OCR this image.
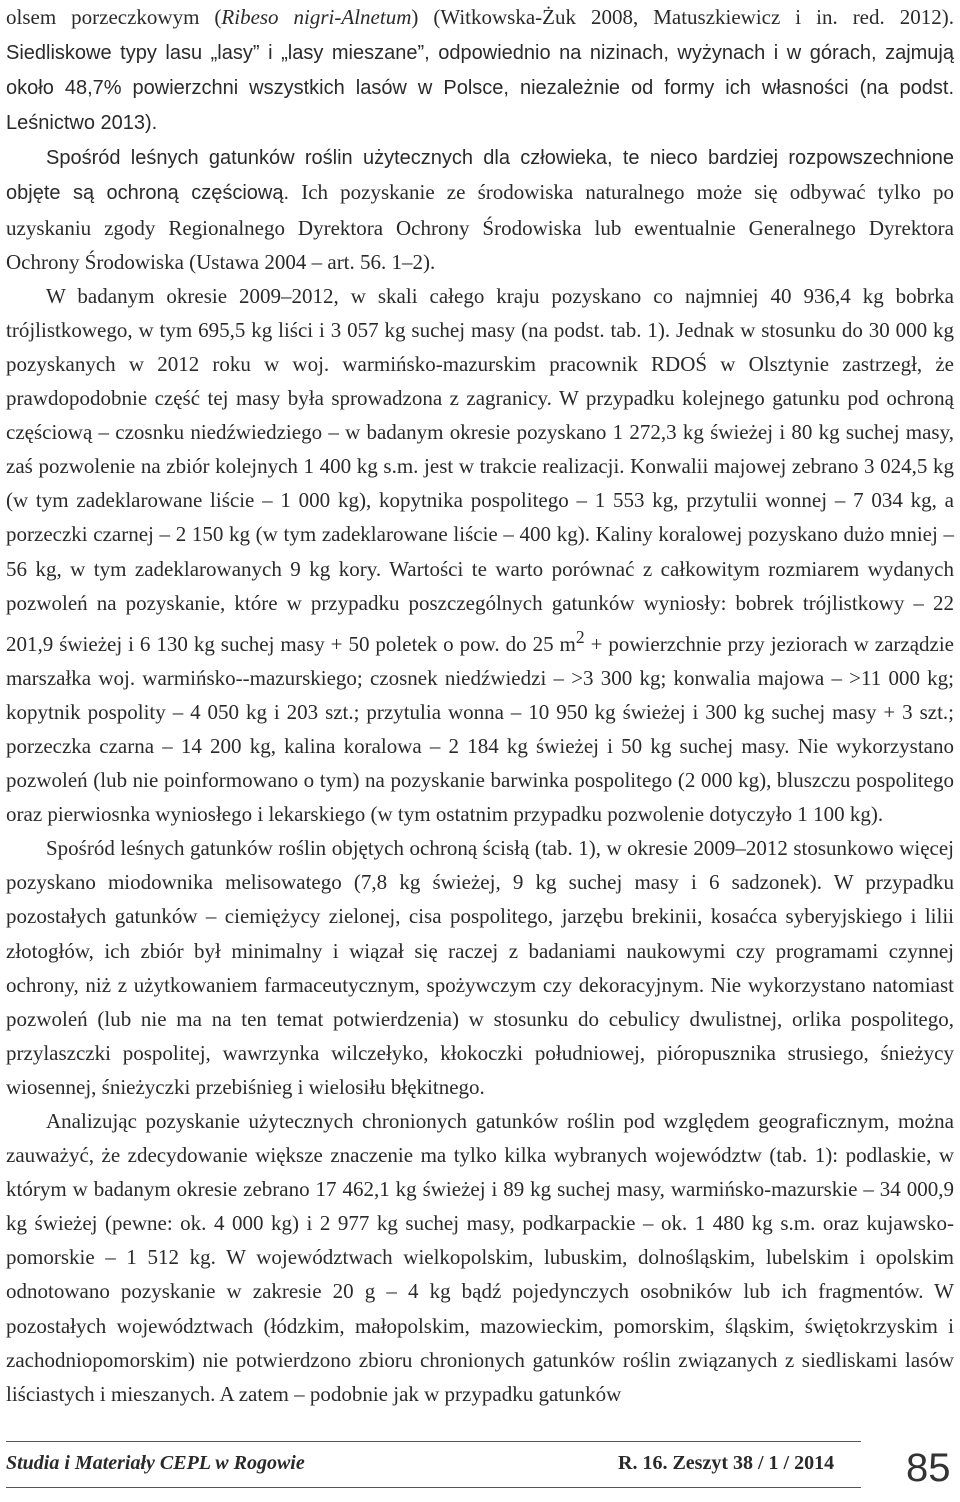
olsem porzeczkowym (Ribeso nigri-Alnetum) (Witkowska-Żuk 2008, Matuszkiewicz i in. red. 2012). Siedliskowe typy lasu „lasy” i „lasy mieszane”, odpowiednio na nizinach, wyżynach i w górach, zajmują około 48,7% powierzchni wszystkich lasów w Polsce, niezależnie od formy ich własności (na podst. Leśnictwo 2013).

Spośród leśnych gatunków roślin użytecznych dla człowieka, te nieco bardziej rozpowszechnione objęte są ochroną częściową. Ich pozyskanie ze środowiska naturalnego może się odbywać tylko po uzyskaniu zgody Regionalnego Dyrektora Ochrony Środowiska lub ewentualnie Generalnego Dyrektora Ochrony Środowiska (Ustawa 2004 – art. 56. 1–2).

W badanym okresie 2009–2012, w skali całego kraju pozyskano co najmniej 40 936,4 kg bobrka trójlistkowego, w tym 695,5 kg liści i 3 057 kg suchej masy (na podst. tab. 1). Jednak w stosunku do 30 000 kg pozyskanych w 2012 roku w woj. warmińsko-mazurskim pracownik RDOŚ w Olsztynie zastrzegł, że prawdopodobnie część tej masy była sprowadzona z zagranicy. W przypadku kolejnego gatunku pod ochroną częściową – czosnku niedźwiedziego – w badanym okresie pozyskano 1 272,3 kg świeżej i 80 kg suchej masy, zaś pozwolenie na zbiór kolejnych 1 400 kg s.m. jest w trakcie realizacji. Konwalii majowej zebrano 3 024,5 kg (w tym zadeklarowane liście – 1 000 kg), kopytnika pospolitego – 1 553 kg, przytulii wonnej – 7 034 kg, a porzeczki czarnej – 2 150 kg (w tym zadeklarowane liście – 400 kg). Kaliny koralowej pozyskano dużo mniej – 56 kg, w tym zadeklarowanych 9 kg kory. Wartości te warto porównać z całkowitym rozmiarem wydanych pozwoleń na pozyskanie, które w przypadku poszczególnych gatunków wyniosły: bobrek trójlistkowy – 22 201,9 świeżej i 6 130 kg suchej masy + 50 poletek o pow. do 25 $m^2$ + powierzchnie przy jeziorach w zarządzie marszałka woj. warmińsko--mazurskiego; czosnek niedźwiedzi – >3 300 kg; konwalia majowa – >11 000 kg; kopytnik pospolity – 4 050 kg i 203 szt.; przytulia wonna – 10 950 kg świeżej i 300 kg suchej masy + 3 szt.; porzeczka czarna – 14 200 kg, kalina koralowa – 2 184 kg świeżej i 50 kg suchej masy. Nie wykorzystano pozwoleń (lub nie poinformowano o tym) na pozyskanie barwinka pospolitego (2 000 kg), bluszczu pospolitego oraz pierwiosnka wyniosłego i lekarskiego (w tym ostatnim przypadku pozwolenie dotyczyło 1 100 kg).

Spośród leśnych gatunków roślin objętych ochroną ścisłą (tab. 1), w okresie 2009–2012 stosunkowo więcej pozyskano miodownika melisowatego (7,8 kg świeżej, 9 kg suchej masy i 6 sadzonek). W przypadku pozostałych gatunków – ciemiężycy zielonej, cisa pospolitego, jarzębu brekinii, kosaćca syberyjskiego i lilii złotogłów, ich zbiór był minimalny i wiązał się raczej z badaniami naukowymi czy programami czynnej ochrony, niż z użytkowaniem farmaceutycznym, spożywczym czy dekoracyjnym. Nie wykorzystano natomiast pozwoleń (lub nie ma na ten temat potwierdzenia) w stosunku do cebulicy dwulistnej, orlika pospolitego, przylaszczki pospolitej, wawrzynka wilczełyko, kłokoczki południowej, pióropusznika strusiego, śnieżycy wiosennej, śnieżyczki przebiśnieg i wielosiłu błękitnego.

Analizując pozyskanie użytecznych chronionych gatunków roślin pod względem geograficznym, można zauważyć, że zdecydowanie większe znaczenie ma tylko kilka wybranych województw (tab. 1): podlaskie, w którym w badanym okresie zebrano 17 462,1 kg świeżej i 89 kg suchej masy, warmińsko-mazurskie – 34 000,9 kg świeżej (pewne: ok. 4 000 kg) i 2 977 kg suchej masy, podkarpackie – ok. 1 480 kg s.m. oraz kujawsko-pomorskie – 1 512 kg. W województwach wielkopolskim, lubuskim, dolnośląskim, lubelskim i opolskim odnotowano pozyskanie w zakresie 20 g – 4 kg bądź pojedynczych osobników lub ich fragmentów. W pozostałych województwach (łódzkim, małopolskim, mazowieckim, pomorskim, śląskim, świętokrzyskim i zachodniopomorskim) nie potwierdzono zbioru chronionych gatunków roślin związanych z siedliskami lasów liściastych i mieszanych. A zatem – podobnie jak w przypadku gatunków

Studia i Materiały CEPL w Rogowie	R. 16. Zeszyt 38 / 1 / 2014 85
